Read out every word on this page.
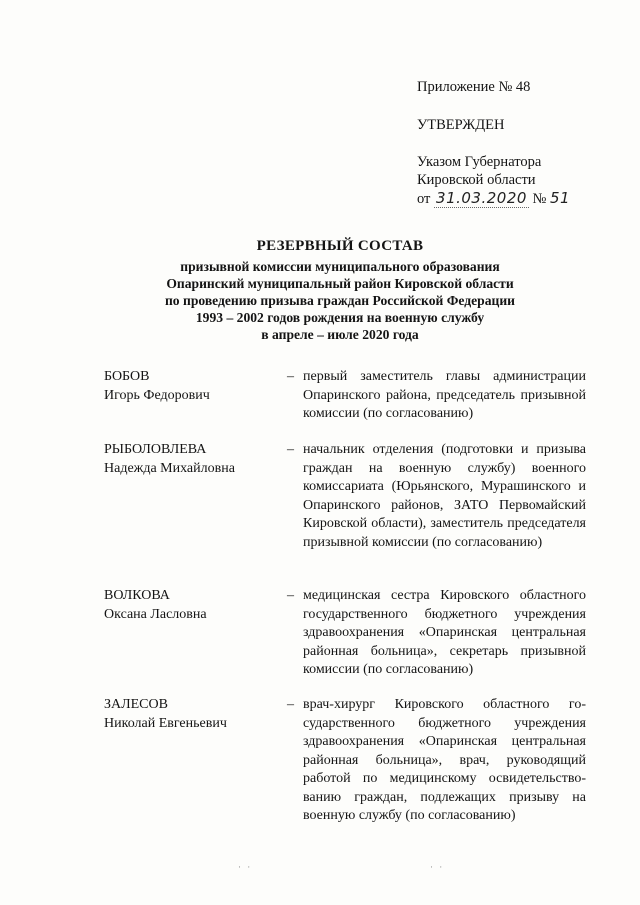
Приложение № 48

УТВЕРЖДЕН

Указом Губернатора

Кировской области

от 31.03.2020 № 51

РЕЗЕРВНЫЙ СОСТАВ
призывной комиссии муниципального образования
Опаринский муниципальный район Кировской области
по проведению призыва граждан Российской Федерации
1993 – 2002 годов рождения на военную службу
в апреле – июле 2020 года
БОБОВ
Игорь Федорович
– первый заместитель главы администрации Опаринского района, председатель призывной комиссии (по согласованию)
РЫБОЛОВЛЕВА
Надежда Михайловна
– начальник отделения (подготовки и призыва граждан на военную службу) военного комиссариата (Юрьянского, Мурашинского и Опаринского районов, ЗАТО Первомайский Кировской области), заместитель председателя призывной комиссии (по согласованию)
ВОЛКОВА
Оксана Ласловна
– медицинская сестра Кировского областного государственного бюджетного учреждения здравоохранения «Опаринская центральная районная больница», секретарь призывной комиссии (по согласованию)
ЗАЛЕСОВ
Николай Евгеньевич
– врач-хирург Кировского областного государственного бюджетного учреждения здравоохранения «Опаринская центральная районная больница», врач, руководящий работой по медицинскому освидетельствованию граждан, подлежащих призыву на военную службу (по согласованию)
· ·	· ·
